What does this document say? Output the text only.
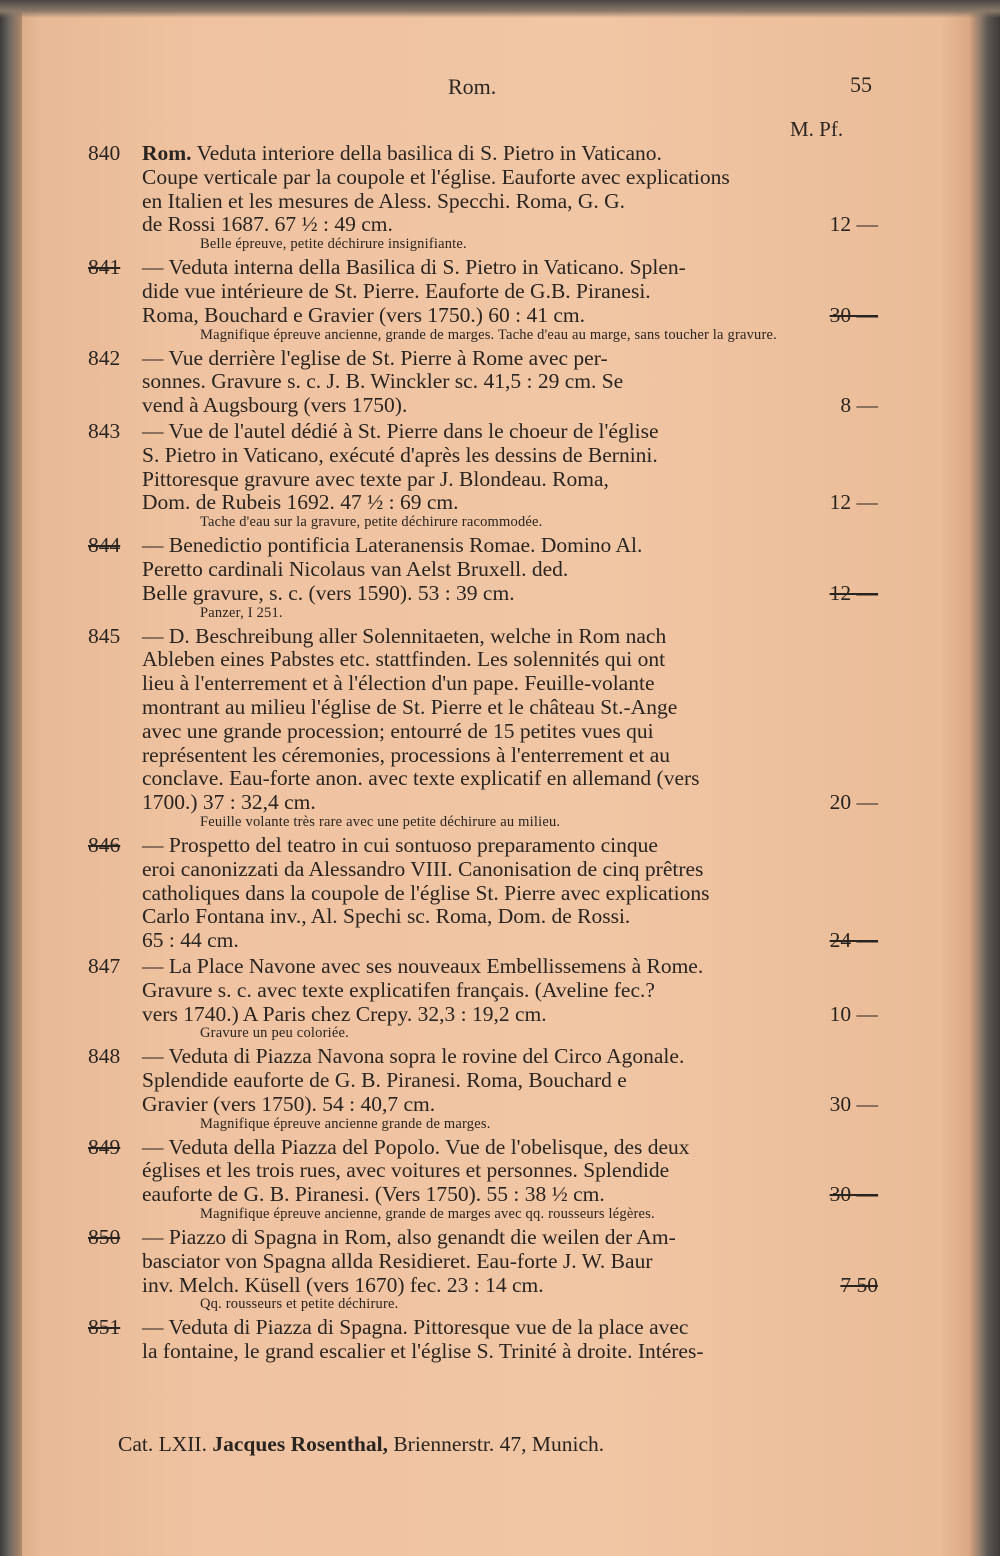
Rom.	55
M. Pf.
840	Rom. Veduta interiore della basilica di S. Pietro in Vaticano.
Coupe verticale par la coupole et l'église. Eauforte avec explications
en Italien et les mesures de Aless. Specchi. Roma, G. G.
de Rossi 1687. 67 ½ : 49 cm.	12 —
Belle épreuve, petite déchirure insignifiante.
841	— Veduta interna della Basilica di S. Pietro in Vaticano. Splen-
dide vue intérieure de St. Pierre. Eauforte de G.B. Piranesi.
Roma, Bouchard e Gravier (vers 1750.) 60 : 41 cm.	30 —
Magnifique épreuve ancienne, grande de marges. Tache d'eau au marge, sans toucher la gravure.
842	— Vue derrière l'eglise de St. Pierre à Rome avec per-
sonnes. Gravure s. c. J. B. Winckler sc. 41,5 : 29 cm. Se
vend à Augsbourg (vers 1750).	8 —
843	— Vue de l'autel dédié à St. Pierre dans le choeur de l'église
S. Pietro in Vaticano, exécuté d'après les dessins de Bernini.
Pittoresque gravure avec texte par J. Blondeau. Roma,
Dom. de Rubeis 1692. 47 ½ : 69 cm.	12 —
Tache d'eau sur la gravure, petite déchirure racommodée.
844	— Benedictio pontificia Lateranensis Romae. Domino Al.
Peretto cardinali Nicolaus van Aelst Bruxell. ded.
Belle gravure, s. c. (vers 1590). 53 : 39 cm.	12 —
Panzer, I 251.
845	— D. Beschreibung aller Solennitaeten, welche in Rom nach
Ableben eines Pabstes etc. stattfinden. Les solennités qui ont
lieu à l'enterrement et à l'élection d'un pape. Feuille-volante
montrant au milieu l'église de St. Pierre et le château St.-Ange
avec une grande procession; entourré de 15 petites vues qui
représentent les céremonies, processions à l'enterrement et au
conclave. Eau-forte anon. avec texte explicatif en allemand (vers
1700.) 37 : 32,4 cm.	20 —
Feuille volante très rare avec une petite déchirure au milieu.
846	— Prospetto del teatro in cui sontuoso preparamento cinque
eroi canonizzati da Alessandro VIII. Canonisation de cinq prêtres
catholiques dans la coupole de l'église St. Pierre avec explications
Carlo Fontana inv., Al. Spechi sc. Roma, Dom. de Rossi.
65 : 44 cm.	24 —
847	— La Place Navone avec ses nouveaux Embellissemens à Rome.
Gravure s. c. avec texte explicatifen français. (Aveline fec.?
vers 1740.) A Paris chez Crepy. 32,3 : 19,2 cm.	10 —
Gravure un peu coloriée.
848	— Veduta di Piazza Navona sopra le rovine del Circo Agonale.
Splendide eauforte de G. B. Piranesi. Roma, Bouchard e
Gravier (vers 1750). 54 : 40,7 cm.	30 —
Magnifique épreuve ancienne grande de marges.
849	— Veduta della Piazza del Popolo. Vue de l'obelisque, des deux
églises et les trois rues, avec voitures et personnes. Splendide
eauforte de G. B. Piranesi. (Vers 1750). 55 : 38 ½ cm.	30 —
Magnifique épreuve ancienne, grande de marges avec qq. rousseurs légères.
850	— Piazzo di Spagna in Rom, also genandt die weilen der Am-
basciator von Spagna allda Residieret. Eau-forte J. W. Baur
inv. Melch. Küsell (vers 1670) fec. 23 : 14 cm.	7 50
Qq. rousseurs et petite déchirure.
851	— Veduta di Piazza di Spagna. Pittoresque vue de la place avec
la fontaine, le grand escalier et l'église S. Trinité à droite. Intéres-
Cat. LXII. Jacques Rosenthal, Briennerstr. 47, Munich.
